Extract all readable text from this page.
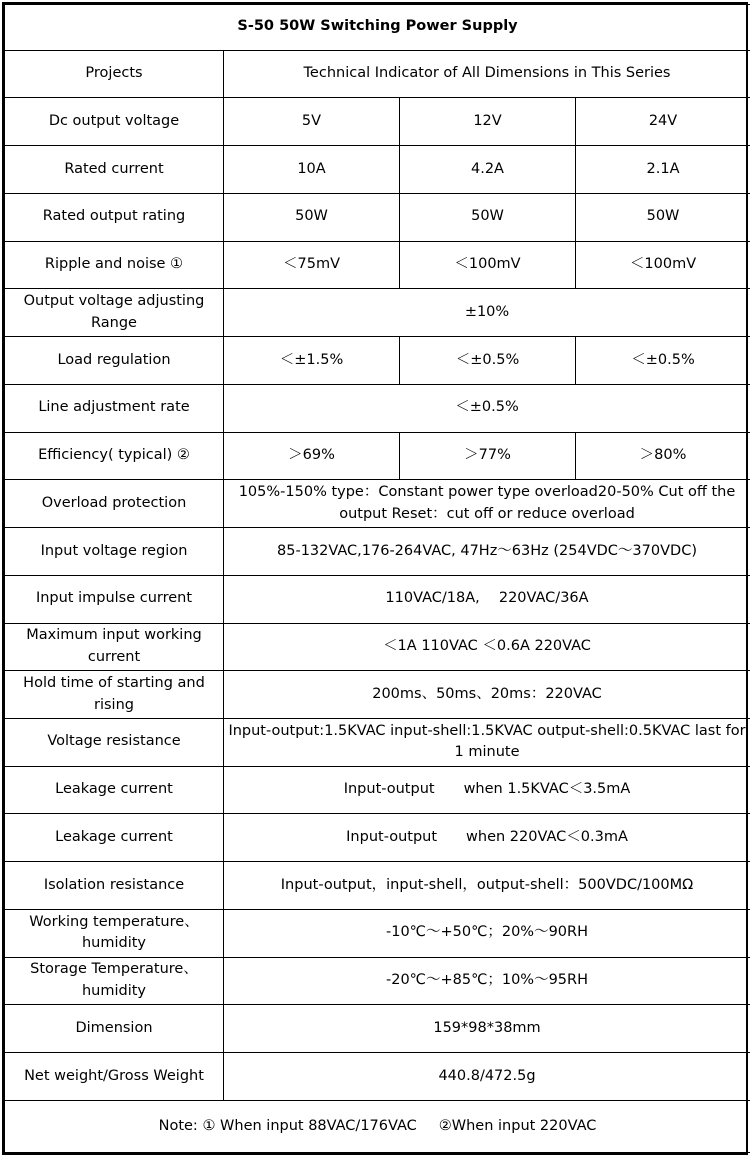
S-50 50W Switching Power Supply			
Projects	Technical Indicator of All Dimensions in This Series		
Dc output voltage	5V	12V	24V
Rated current	10A	4.2A	2.1A
Rated output rating	50W	50W	50W
Ripple and noise ①	＜75mV	＜100mV	＜100mV
Output voltage adjusting Range	±10%		
Load regulation	＜±1.5%	＜±0.5%	＜±0.5%
Line adjustment rate	＜±0.5%		
Efficiency( typical) ②	＞69%	＞77%	＞80%
Overload protection	105%-150% type：Constant power type overload20-50% Cut off the output Reset：cut off or reduce overload		
Input voltage region	85-132VAC,176-264VAC, 47Hz～63Hz (254VDC～370VDC)		
Input impulse current	110VAC/18A,　 220VAC/36A		
Maximum input working current	＜1A 110VAC ＜0.6A 220VAC		
Hold time of starting and rising	200ms、50ms、20ms：220VAC		
Voltage resistance	Input-output:1.5KVAC input-shell:1.5KVAC output-shell:0.5KVAC last for 1 minute		
Leakage current	Input-output　　when 1.5KVAC＜3.5mA		
Leakage current	Input-output　　when 220VAC＜0.3mA		
Isolation resistance	Input-output，input-shell，output-shell：500VDC/100MΩ		
Working temperature、humidity	-10℃～+50℃；20%～90RH		
Storage Temperature、humidity	-20℃～+85℃；10%～95RH		
Dimension	159*98*38mm		
Net weight/Gross Weight	440.8/472.5g		
Note: ① When input 88VAC/176VAC ②When input 220VAC			
